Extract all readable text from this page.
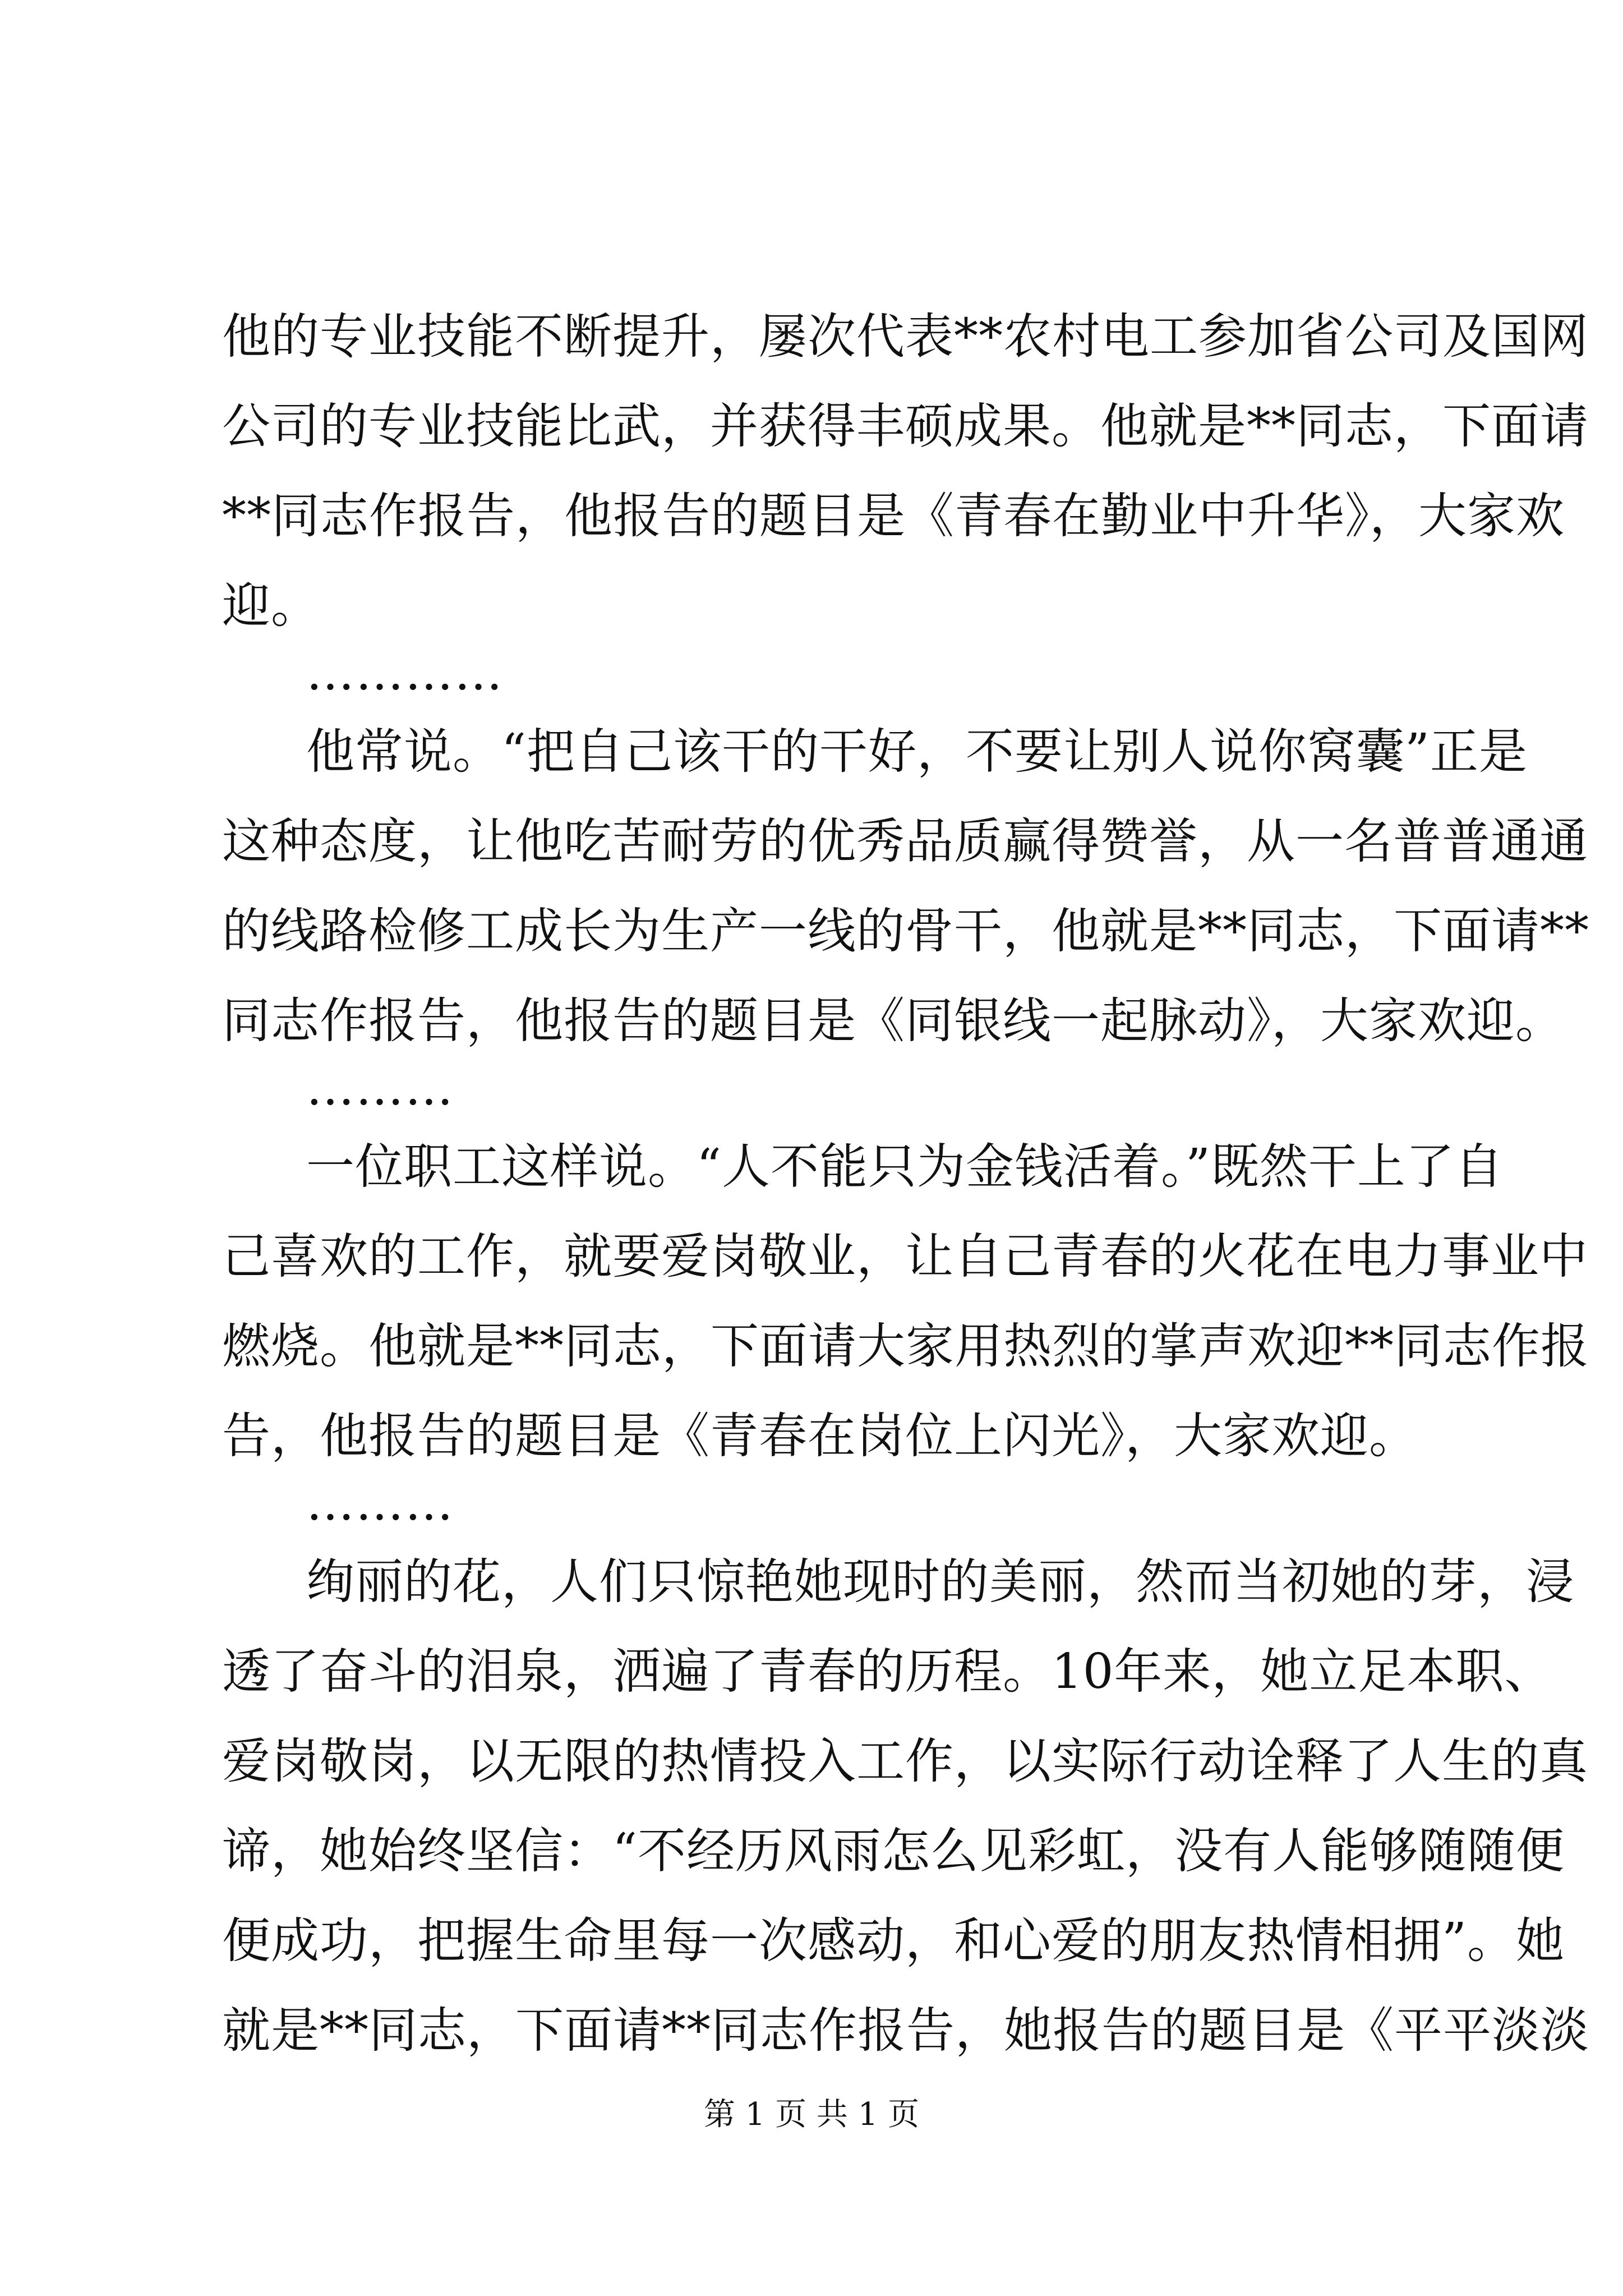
他的专业技能不断提升，屡次代表**农村电工参加省公司及国网
公司的专业技能比武，并获得丰硕成果。他就是**同志，下面请
**同志作报告，他报告的题目是《青春在勤业中升华》，大家欢
迎。
…………
他常说。“把自己该干的干好，不要让别人说你窝囊”正是
这种态度，让他吃苦耐劳的优秀品质赢得赞誉，从一名普普通通
的线路检修工成长为生产一线的骨干，他就是**同志，下面请**
同志作报告，他报告的题目是《同银线一起脉动》，大家欢迎。
………
一位职工这样说。“人不能只为金钱活着。”既然干上了自
己喜欢的工作，就要爱岗敬业，让自己青春的火花在电力事业中
燃烧。他就是**同志，下面请大家用热烈的掌声欢迎**同志作报
告，他报告的题目是《青春在岗位上闪光》，大家欢迎。
………
绚丽的花，人们只惊艳她现时的美丽，然而当初她的芽，浸
透了奋斗的泪泉，洒遍了青春的历程。10年来，她立足本职、
爱岗敬岗，以无限的热情投入工作，以实际行动诠释了人生的真
谛，她始终坚信：“不经历风雨怎么见彩虹，没有人能够随随便
便成功，把握生命里每一次感动，和心爱的朋友热情相拥”。她
就是**同志，下面请**同志作报告，她报告的题目是《平平淡淡
第 1 页 共 1 页
